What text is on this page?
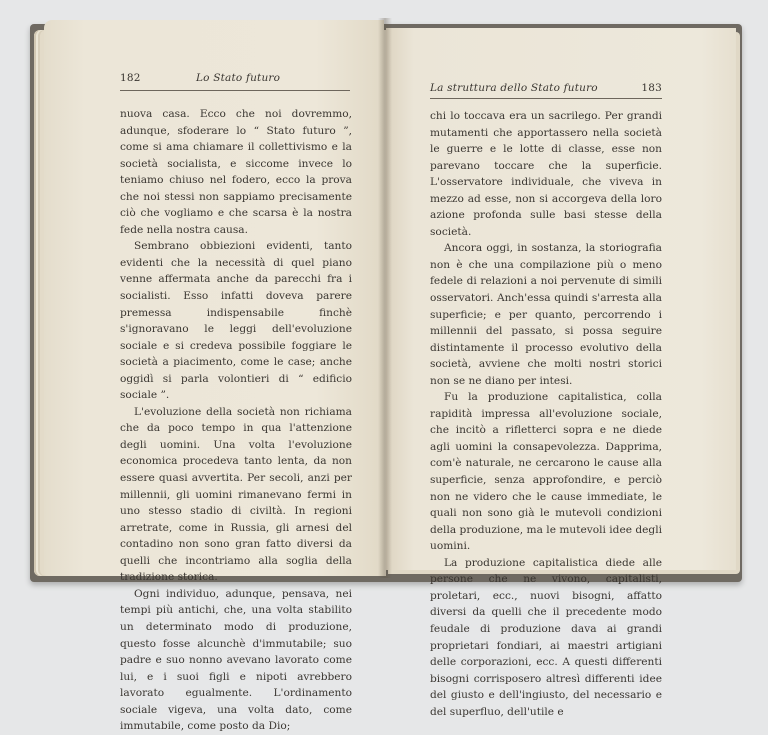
182	Lo Stato futuro

nuova casa. Ecco che noi dovremmo, adunque, sfoderare lo “ Stato futuro ”, come si ama chiamare il collettivismo e la società socialista, e siccome invece lo teniamo chiuso nel fodero, ecco la prova che noi stessi non sappiamo precisamente ciò che vogliamo e che scarsa è la nostra fede nella nostra causa.

Sembrano obbiezioni evidenti, tanto evidenti che la necessità di quel piano venne affermata anche da parecchi fra i socialisti. Esso infatti doveva parere premessa indispensabile finchè s'ignoravano le leggi dell'evoluzione sociale e si credeva possibile foggiare le società a piacimento, come le case; anche oggidì si parla volontieri di “ edificio sociale ”.

L'evoluzione della società non richiama che da poco tempo in qua l'attenzione degli uomini. Una volta l'evoluzione economica procedeva tanto lenta, da non essere quasi avvertita. Per secoli, anzi per millennii, gli uomini rimanevano fermi in uno stesso stadio di civiltà. In regioni arretrate, come in Russia, gli arnesi del contadino non sono gran fatto diversi da quelli che incontriamo alla soglia della tradizione storica.

Ogni individuo, adunque, pensava, nei tempi più antichi, che, una volta stabilito un determinato modo di produzione, questo fosse alcunchè d'immutabile; suo padre e suo nonno avevano lavorato come lui, e i suoi figli e nipoti avrebbero lavorato egualmente. L'ordinamento sociale vigeva, una volta dato, come immutabile, come posto da Dio;

La struttura dello Stato futuro	183

chi lo toccava era un sacrilego. Per grandi mutamenti che apportassero nella società le guerre e le lotte di classe, esse non parevano toccare che la superficie. L'osservatore individuale, che viveva in mezzo ad esse, non si accorgeva della loro azione profonda sulle basi stesse della società.

Ancora oggi, in sostanza, la storiografia non è che una compilazione più o meno fedele di relazioni a noi pervenute di simili osservatori. Anch'essa quindi s'arresta alla superficie; e per quanto, percorrendo i millennii del passato, si possa seguire distintamente il processo evolutivo della società, avviene che molti nostri storici non se ne diano per intesi.

Fu la produzione capitalistica, colla rapidità impressa all'evoluzione sociale, che incitò a rifletterci sopra e ne diede agli uomini la consapevolezza. Dapprima, com'è naturale, ne cercarono le cause alla superficie, senza approfondire, e perciò non ne videro che le cause immediate, le quali non sono già le mutevoli condizioni della produzione, ma le mutevoli idee degli uomini.

La produzione capitalistica diede alle persone che ne vivono, capitalisti, proletari, ecc., nuovi bisogni, affatto diversi da quelli che il precedente modo feudale di produzione dava ai grandi proprietari fondiari, ai maestri artigiani delle corporazioni, ecc. A questi differenti bisogni corrisposero altresì differenti idee del giusto e dell'ingiusto, del necessario e del superfluo, dell'utile e
